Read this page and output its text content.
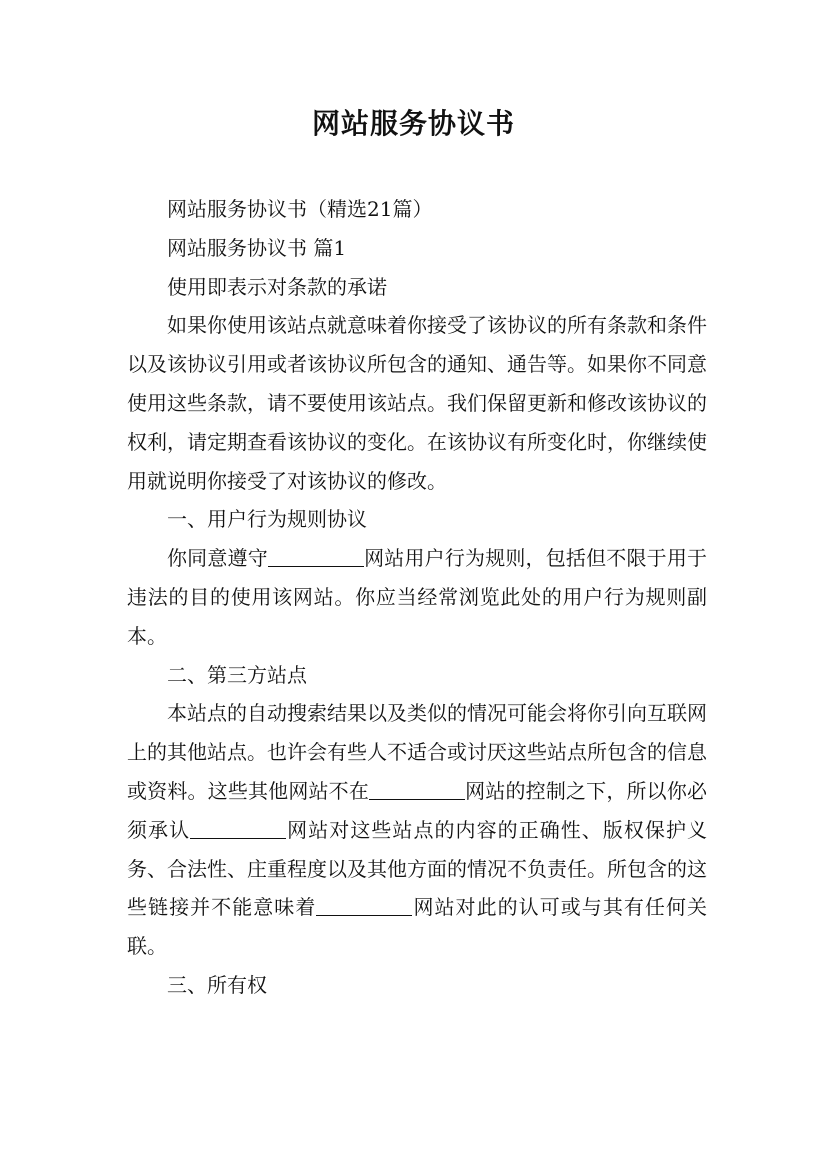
网站服务协议书

网站服务协议书（精选21篇）

网站服务协议书 篇1

使用即表示对条款的承诺

如果你使用该站点就意味着你接受了该协议的所有条款和条件以及该协议引用或者该协议所包含的通知、通告等。如果你不同意使用这些条款，请不要使用该站点。我们保留更新和修改该协议的权利，请定期查看该协议的变化。在该协议有所变化时，你继续使用就说明你接受了对该协议的修改。

一、用户行为规则协议

你同意遵守	网站用户行为规则，包括但不限于用于违法的目的使用该网站。你应当经常浏览此处的用户行为规则副本。

二、第三方站点

本站点的自动搜索结果以及类似的情况可能会将你引向互联网上的其他站点。也许会有些人不适合或讨厌这些站点所包含的信息或资料。这些其他网站不在	网站的控制之下，所以你必须承认	网站对这些站点的内容的正确性、版权保护义务、合法性、庄重程度以及其他方面的情况不负责任。所包含的这些链接并不能意味着	网站对此的认可或与其有任何关联。

三、所有权
